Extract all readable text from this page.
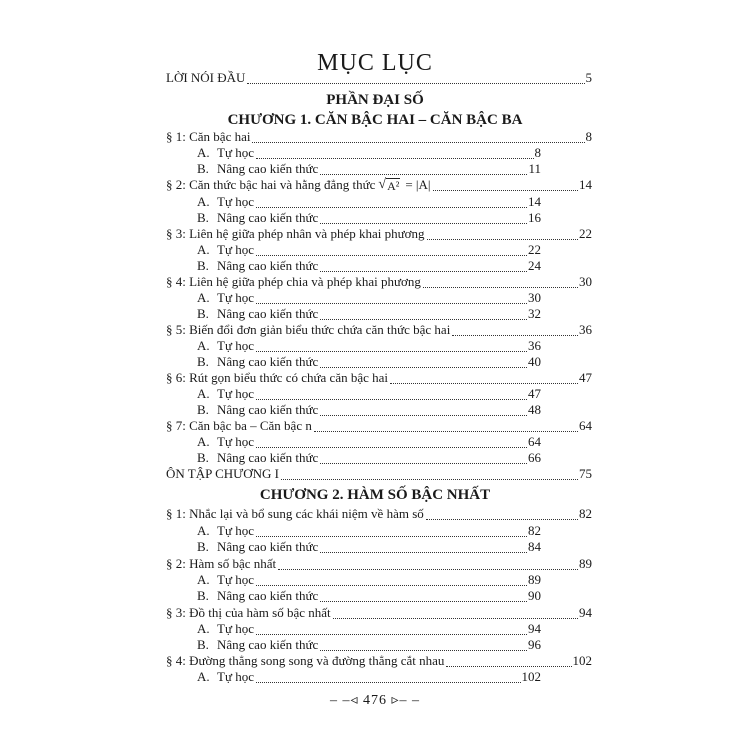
MỤC LỤC
LỜI NÓI ĐẦU	5
PHẦN ĐẠI SỐ
CHƯƠNG 1. CĂN BẬC HAI – CĂN BẬC BA
§ 1: Căn bậc hai	8
A. Tự học	8
B. Nâng cao kiến thức	11
§ 2: Căn thức bậc hai và hằng đẳng thức √ A² = |A|	14
A. Tự học	14
B. Nâng cao kiến thức	16
§ 3: Liên hệ giữa phép nhân và phép khai phương	22
A. Tự học	22
B. Nâng cao kiến thức	24
§ 4: Liên hệ giữa phép chia và phép khai phương	30
A. Tự học	30
B. Nâng cao kiến thức	32
§ 5: Biến đổi đơn giản biểu thức chứa căn thức bậc hai	36
A. Tự học	36
B. Nâng cao kiến thức	40
§ 6: Rút gọn biểu thức có chứa căn bậc hai	47
A. Tự học	47
B. Nâng cao kiến thức	48
§ 7: Căn bậc ba – Căn bậc n	64
A. Tự học	64
B. Nâng cao kiến thức	66
ÔN TẬP CHƯƠNG I	75
CHƯƠNG 2. HÀM SỐ BẬC NHẤT
§ 1: Nhắc lại và bổ sung các khái niệm về hàm số	82
A. Tự học	82
B. Nâng cao kiến thức	84
§ 2: Hàm số bậc nhất	89
A. Tự học	89
B. Nâng cao kiến thức	90
§ 3: Đồ thị của hàm số bậc nhất	94
A. Tự học	94
B. Nâng cao kiến thức	96
§ 4: Đường thẳng song song và đường thẳng cắt nhau	102
A. Tự học	102
– –◃ 476 ▹– –
